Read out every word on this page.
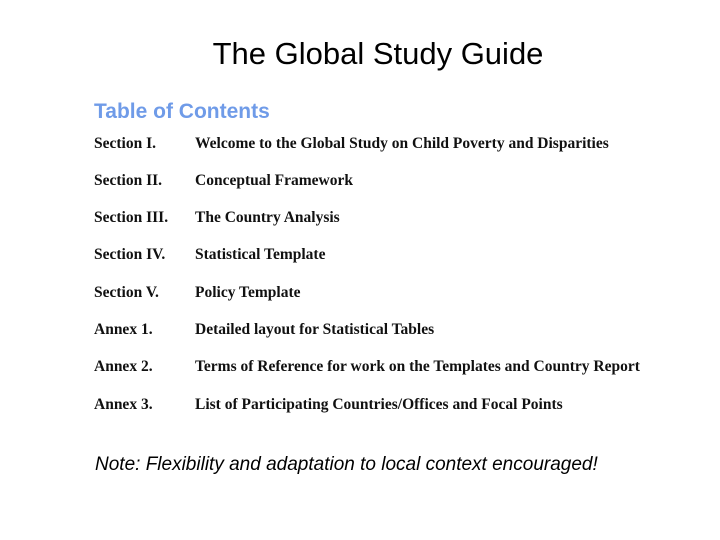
The Global Study Guide
Table of Contents
Section I.	Welcome to the Global Study on Child Poverty and Disparities
Section II. Conceptual Framework
Section III. The Country Analysis
Section IV. Statistical Template
Section V. Policy Template
Annex 1.	Detailed layout for Statistical Tables
Annex 2.	Terms of Reference for work on the Templates and Country Report
Annex 3.	List of Participating Countries/Offices and Focal Points
Note: Flexibility and adaptation to local context encouraged!
